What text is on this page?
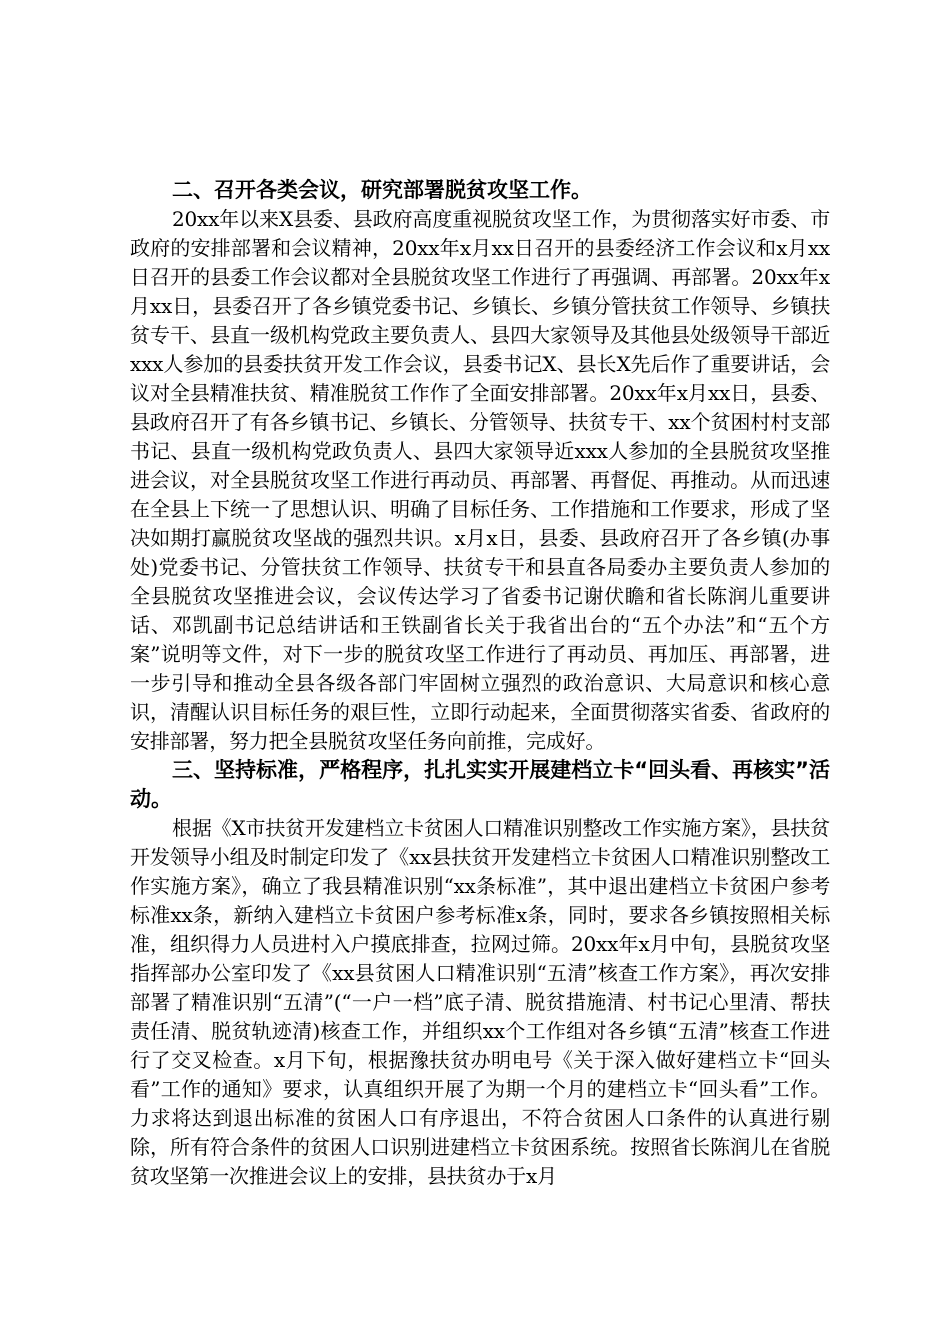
二、召开各类会议，研究部署脱贫攻坚工作。

20xx年以来X县委、县政府高度重视脱贫攻坚工作，为贯彻落实好市委、市政府的安排部署和会议精神，20xx年x月xx日召开的县委经济工作会议和x月xx日召开的县委工作会议都对全县脱贫攻坚工作进行了再强调、再部署。20xx年x月xx日，县委召开了各乡镇党委书记、乡镇长、乡镇分管扶贫工作领导、乡镇扶贫专干、县直一级机构党政主要负责人、县四大家领导及其他县处级领导干部近xxx人参加的县委扶贫开发工作会议，县委书记X、县长X先后作了重要讲话，会议对全县精准扶贫、精准脱贫工作作了全面安排部署。20xx年x月xx日，县委、县政府召开了有各乡镇书记、乡镇长、分管领导、扶贫专干、xx个贫困村村支部书记、县直一级机构党政负责人、县四大家领导近xxx人参加的全县脱贫攻坚推进会议，对全县脱贫攻坚工作进行再动员、再部署、再督促、再推动。从而迅速在全县上下统一了思想认识、明确了目标任务、工作措施和工作要求，形成了坚决如期打赢脱贫攻坚战的强烈共识。x月x日，县委、县政府召开了各乡镇(办事处)党委书记、分管扶贫工作领导、扶贫专干和县直各局委办主要负责人参加的全县脱贫攻坚推进会议，会议传达学习了省委书记谢伏瞻和省长陈润儿重要讲话、邓凯副书记总结讲话和王铁副省长关于我省出台的“五个办法”和“五个方案”说明等文件，对下一步的脱贫攻坚工作进行了再动员、再加压、再部署，进一步引导和推动全县各级各部门牢固树立强烈的政治意识、大局意识和核心意识，清醒认识目标任务的艰巨性，立即行动起来，全面贯彻落实省委、省政府的安排部署，努力把全县脱贫攻坚任务向前推，完成好。

三、坚持标准，严格程序，扎扎实实开展建档立卡“回头看、再核实”活动。

根据《X市扶贫开发建档立卡贫困人口精准识别整改工作实施方案》，县扶贫开发领导小组及时制定印发了《xx县扶贫开发建档立卡贫困人口精准识别整改工作实施方案》，确立了我县精准识别“xx条标准”，其中退出建档立卡贫困户参考标准xx条，新纳入建档立卡贫困户参考标准x条，同时，要求各乡镇按照相关标准，组织得力人员进村入户摸底排查，拉网过筛。20xx年x月中旬，县脱贫攻坚指挥部办公室印发了《xx县贫困人口精准识别“五清”核查工作方案》，再次安排部署了精准识别“五清”(“一户一档”底子清、脱贫措施清、村书记心里清、帮扶责任清、脱贫轨迹清)核查工作，并组织xx个工作组对各乡镇“五清”核查工作进行了交叉检查。x月下旬，根据豫扶贫办明电号《关于深入做好建档立卡“回头看”工作的通知》要求，认真组织开展了为期一个月的建档立卡“回头看”工作。力求将达到退出标准的贫困人口有序退出，不符合贫困人口条件的认真进行剔除，所有符合条件的贫困人口识别进建档立卡贫困系统。按照省长陈润儿在省脱贫攻坚第一次推进会议上的安排，县扶贫办于x月
